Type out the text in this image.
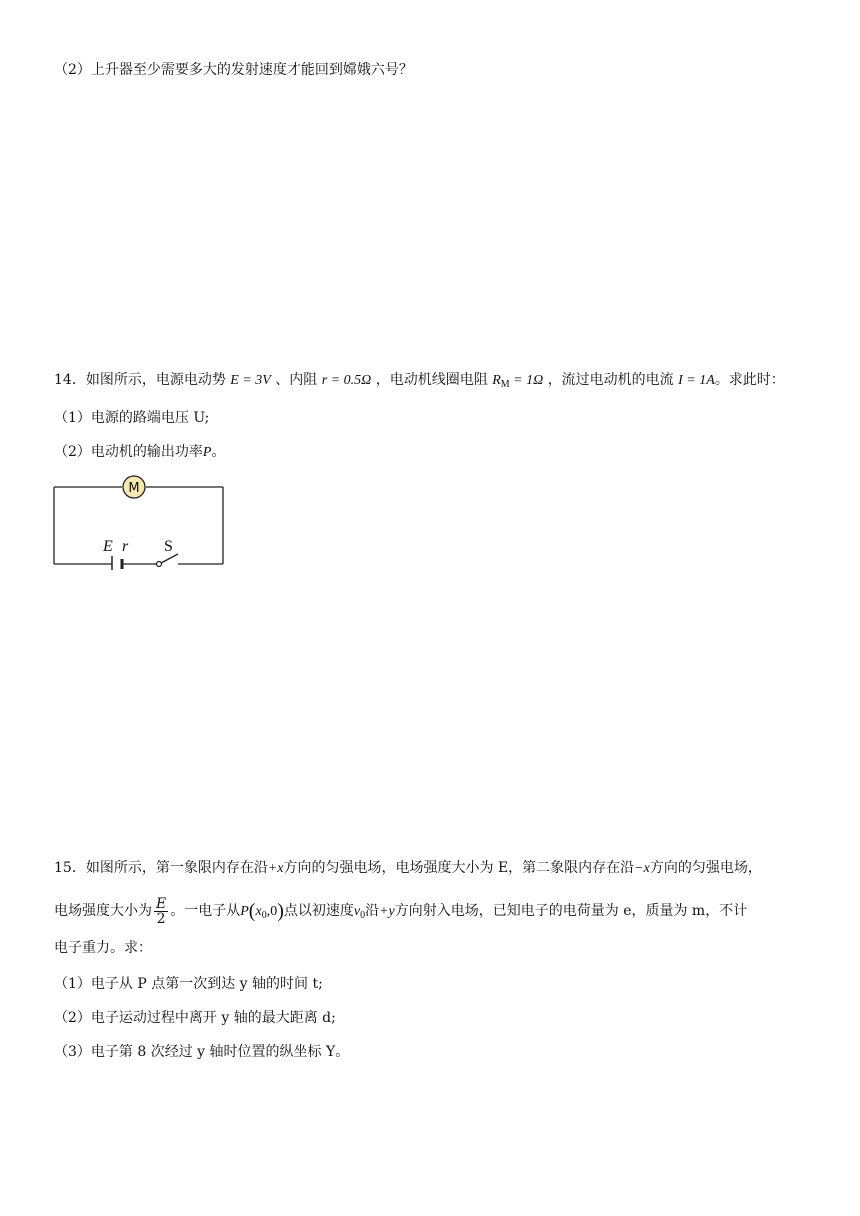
（2）上升器至少需要多大的发射速度才能回到嫦娥六号？
14．如图所示，电源电动势 E = 3V 、内阻 r = 0.5Ω ，电动机线圈电阻 $R_M = 1\Omega$ ，流过电动机的电流 I = 1A。求此时：
（1）电源的路端电压 U;
（2）电动机的输出功率P。
M
E r S
15．如图所示，第一象限内存在沿+x方向的匀强电场，电场强度大小为 E，第二象限内存在沿−x方向的匀强电场，
电场强度大小为 $\frac{E}{2}$ 。一电子从$P(x_0,0)$点以初速度$v_0$沿+y方向射入电场，已知电子的电荷量为 e，质量为 m，不计
电子重力。求：
（1）电子从 P 点第一次到达 y 轴的时间 t;
（2）电子运动过程中离开 y 轴的最大距离 d;
（3）电子第 8 次经过 y 轴时位置的纵坐标 Y。
